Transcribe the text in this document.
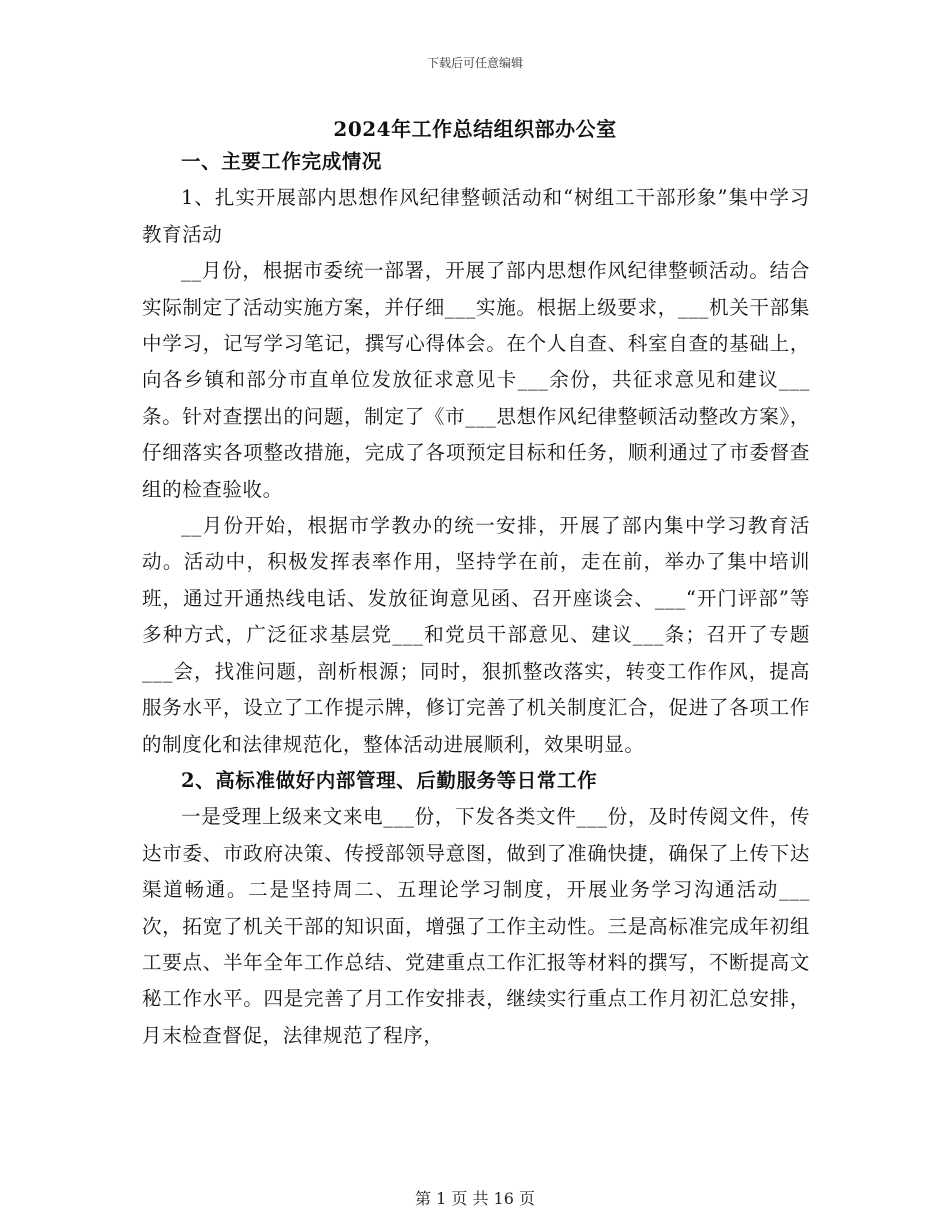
下载后可任意编辑
2024年工作总结组织部办公室

一、主要工作完成情况

1、扎实开展部内思想作风纪律整顿活动和“树组工干部形象”集中学习教育活动

__月份，根据市委统一部署，开展了部内思想作风纪律整顿活动。结合实际制定了活动实施方案，并仔细___实施。根据上级要求，___机关干部集中学习，记写学习笔记，撰写心得体会。在个人自查、科室自查的基础上，向各乡镇和部分市直单位发放征求意见卡___余份，共征求意见和建议___条。针对查摆出的问题，制定了《市___思想作风纪律整顿活动整改方案》，仔细落实各项整改措施，完成了各项预定目标和任务，顺利通过了市委督查组的检查验收。

__月份开始，根据市学教办的统一安排，开展了部内集中学习教育活动。活动中，积极发挥表率作用，坚持学在前，走在前，举办了集中培训班，通过开通热线电话、发放征询意见函、召开座谈会、___“开门评部”等多种方式，广泛征求基层党___和党员干部意见、建议___条；召开了专题___会，找准问题，剖析根源；同时，狠抓整改落实，转变工作作风，提高服务水平，设立了工作提示牌，修订完善了机关制度汇合，促进了各项工作的制度化和法律规范化，整体活动进展顺利，效果明显。

2、高标准做好内部管理、后勤服务等日常工作

一是受理上级来文来电___份，下发各类文件___份，及时传阅文件，传达市委、市政府决策、传授部领导意图，做到了准确快捷，确保了上传下达渠道畅通。二是坚持周二、五理论学习制度，开展业务学习沟通活动___次，拓宽了机关干部的知识面，增强了工作主动性。三是高标准完成年初组工要点、半年全年工作总结、党建重点工作汇报等材料的撰写，不断提高文秘工作水平。四是完善了月工作安排表，继续实行重点工作月初汇总安排，月末检查督促，法律规范了程序，

第 1 页 共 16 页
